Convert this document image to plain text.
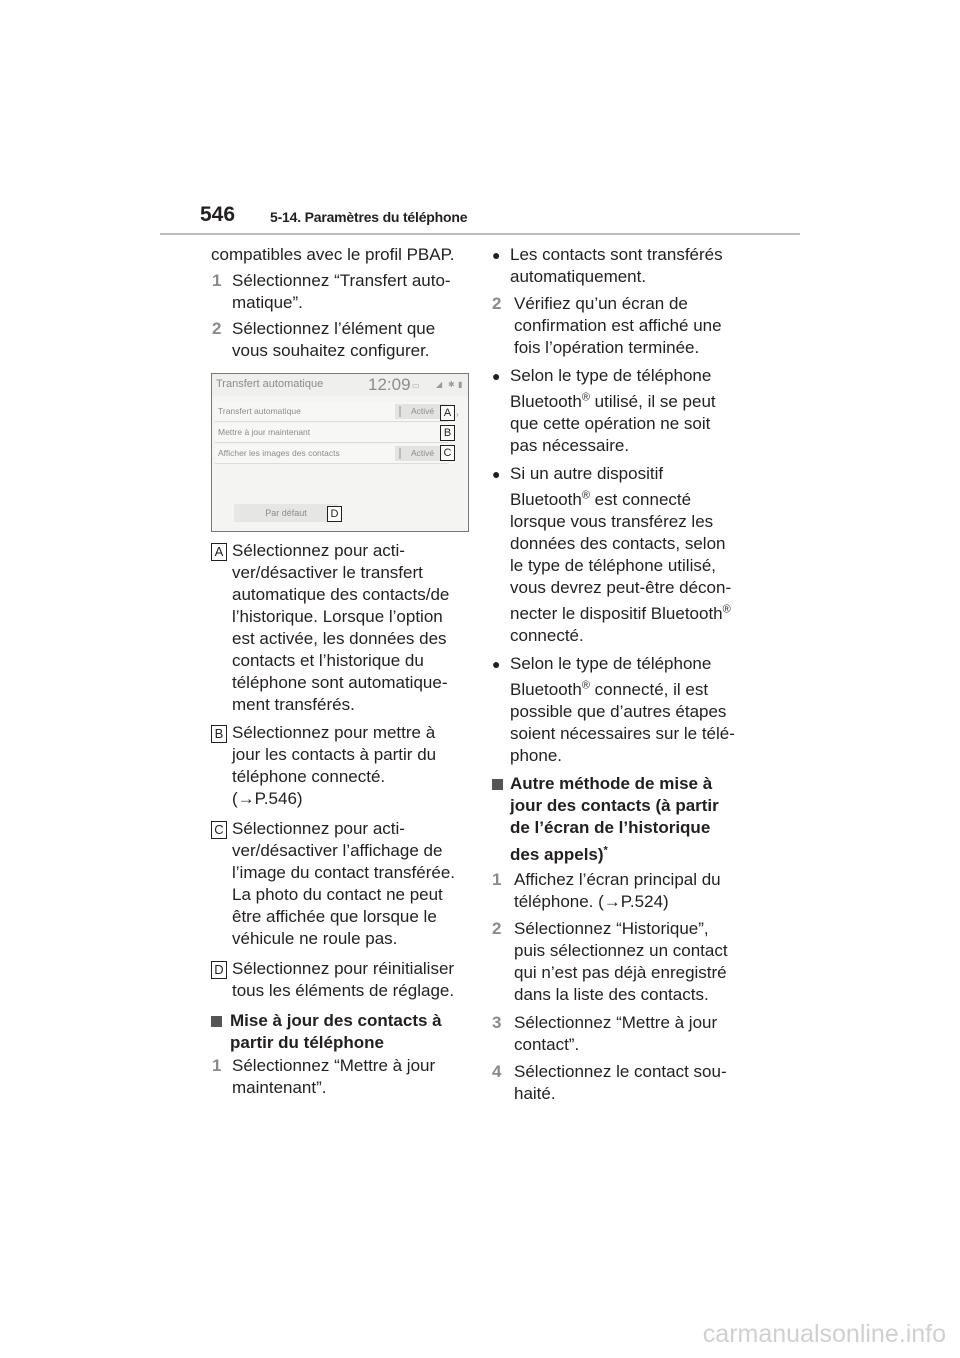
546 5-14. Paramètres du téléphone
compatibles avec le profil PBAP.
1 Sélectionnez “Transfert auto-
matique”.
2 Sélectionnez l’élément que
vous souhaitez configurer.
Transfert automatique	12:09 ▭ ◢ ✱ ▮
Transfert automatique	Activé
Mettre à jour maintenant
Afficher les images des contacts	Activé
Par défaut
A
B
C
D
›
A Sélectionnez pour acti-
ver/désactiver le transfert
automatique des contacts/de
l’historique. Lorsque l’option
est activée, les données des
contacts et l’historique du
téléphone sont automatique-
ment transférés.
B Sélectionnez pour mettre à
jour les contacts à partir du
téléphone connecté.
(→P.546)
C Sélectionnez pour acti-
ver/désactiver l’affichage de
l’image du contact transférée.
La photo du contact ne peut
être affichée que lorsque le
véhicule ne roule pas.
D Sélectionnez pour réinitialiser
tous les éléments de réglage.
Mise à jour des contacts à
partir du téléphone
1 Sélectionnez “Mettre à jour
maintenant”.
● Les contacts sont transférés
automatiquement.
2 Vérifiez qu’un écran de
confirmation est affiché une
fois l’opération terminée.
● Selon le type de téléphone
Bluetooth® utilisé, il se peut
que cette opération ne soit
pas nécessaire.
● Si un autre dispositif
Bluetooth® est connecté
lorsque vous transférez les
données des contacts, selon
le type de téléphone utilisé,
vous devrez peut-être décon-
necter le dispositif Bluetooth®
connecté.
● Selon le type de téléphone
Bluetooth® connecté, il est
possible que d’autres étapes
soient nécessaires sur le télé-
phone.
Autre méthode de mise à
jour des contacts (à partir
de l’écran de l’historique
des appels)*
1 Affichez l’écran principal du
téléphone. (→P.524)
2 Sélectionnez “Historique”,
puis sélectionnez un contact
qui n’est pas déjà enregistré
dans la liste des contacts.
3 Sélectionnez “Mettre à jour
contact”.
4 Sélectionnez le contact sou-
haité.
carmanualsonline.info
